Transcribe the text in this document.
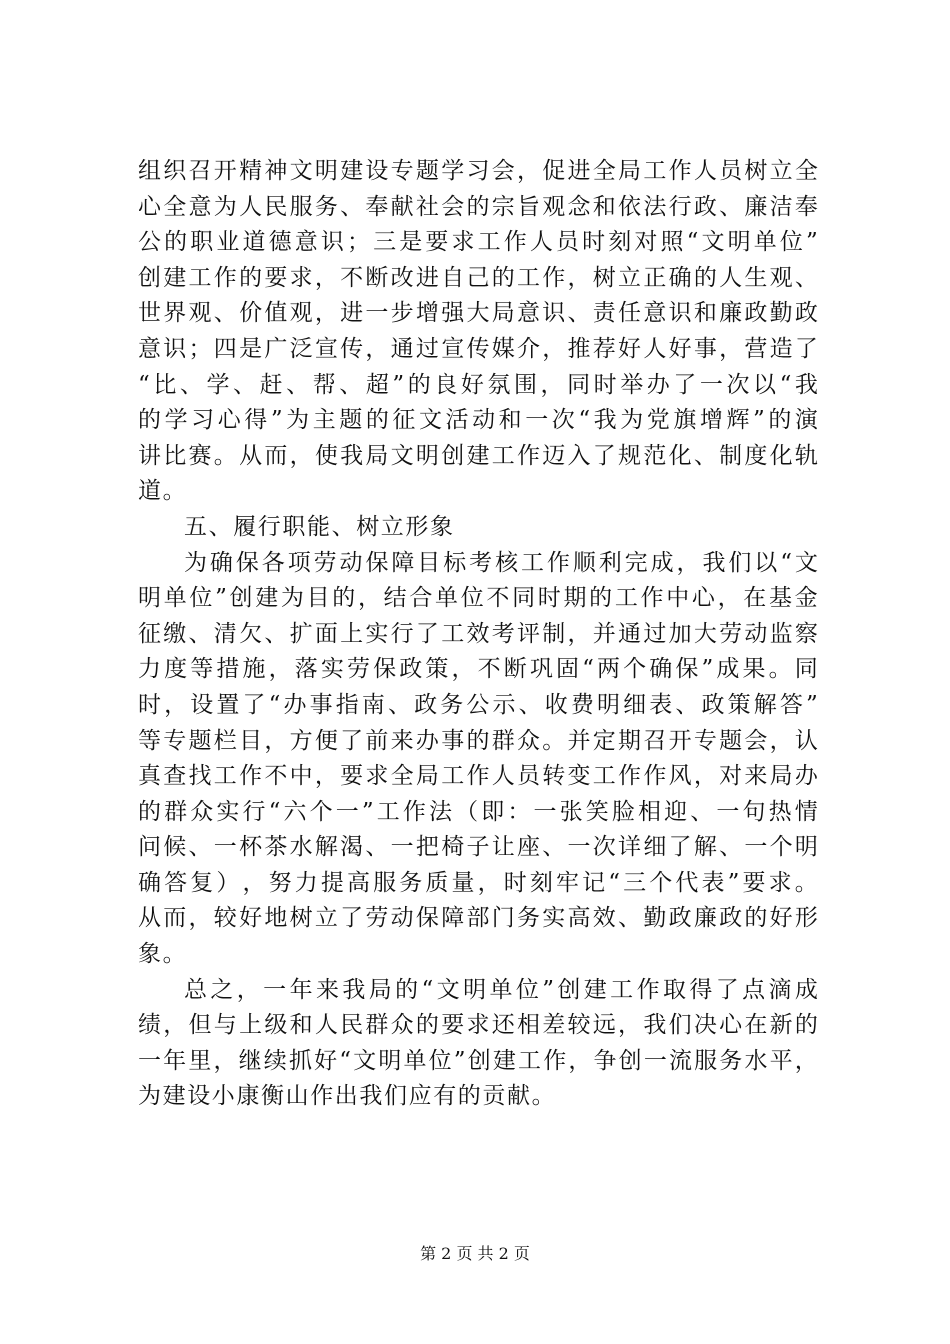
组 织 召 开 精 神 文 明 建 设 专 题 学 习 会 ， 促 进 全 局 工 作 人 员 树 立 全
心 全 意 为 人 民 服 务 、 奉 献 社 会 的 宗 旨 观 念 和 依 法 行 政 、 廉 洁 奉
公 的 职 业 道 德 意 识 ； 三 是 要 求 工 作 人 员 时 刻 对 照 “ 文 明 单 位 ”
创 建 工 作 的 要 求 ， 不 断 改 进 自 己 的 工 作 ， 树 立 正 确 的 人 生 观 、
世 界 观 、 价 值 观 ， 进 一 步 增 强 大 局 意 识 、 责 任 意 识 和 廉 政 勤 政
意 识 ； 四 是 广 泛 宣 传 ， 通 过 宣 传 媒 介 ， 推 荐 好 人 好 事 ， 营 造 了
“ 比 、 学 、 赶 、 帮 、 超 ” 的 良 好 氛 围 ， 同 时 举 办 了 一 次 以 “ 我
的 学 习 心 得 ” 为 主 题 的 征 文 活 动 和 一 次 “ 我 为 党 旗 增 辉 ” 的 演
讲 比 赛 。 从 而 ， 使 我 局 文 明 创 建 工 作 迈 入 了 规 范 化 、 制 度 化 轨
道。
五、履行职能、树立形象
为 确 保 各 项 劳 动 保 障 目 标 考 核 工 作 顺 利 完 成 ， 我 们 以 “ 文
明 单 位 ” 创 建 为 目 的 ， 结 合 单 位 不 同 时 期 的 工 作 中 心 ， 在 基 金
征 缴 、 清 欠 、 扩 面 上 实 行 了 工 效 考 评 制 ， 并 通 过 加 大 劳 动 监 察
力 度 等 措 施 ， 落 实 劳 保 政 策 ， 不 断 巩 固 “ 两 个 确 保 ” 成 果 。 同
时 ， 设 置 了 “ 办 事 指 南 、 政 务 公 示 、 收 费 明 细 表 、 政 策 解 答 ”
等 专 题 栏 目 ， 方 便 了 前 来 办 事 的 群 众 。 并 定 期 召 开 专 题 会 ， 认
真 查 找 工 作 不 中 ， 要 求 全 局 工 作 人 员 转 变 工 作 作 风 ， 对 来 局 办
的 群 众 实 行 “ 六 个 一 ” 工 作 法 （ 即 ： 一 张 笑 脸 相 迎 、 一 句 热 情
问 候 、 一 杯 茶 水 解 渴 、 一 把 椅 子 让 座 、 一 次 详 细 了 解 、 一 个 明
确 答 复 ） ， 努 力 提 高 服 务 质 量 ， 时 刻 牢 记 “ 三 个 代 表 ” 要 求 。
从 而 ， 较 好 地 树 立 了 劳 动 保 障 部 门 务 实 高 效 、 勤 政 廉 政 的 好 形
象。
总 之 ， 一 年 来 我 局 的 “ 文 明 单 位 ” 创 建 工 作 取 得 了 点 滴 成
绩 ， 但 与 上 级 和 人 民 群 众 的 要 求 还 相 差 较 远 ， 我 们 决 心 在 新 的
一 年 里 ， 继 续 抓 好 “ 文 明 单 位 ” 创 建 工 作 ， 争 创 一 流 服 务 水 平 ，
为建设小康衡山作出我们应有的贡献。
第 2 页 共 2 页
